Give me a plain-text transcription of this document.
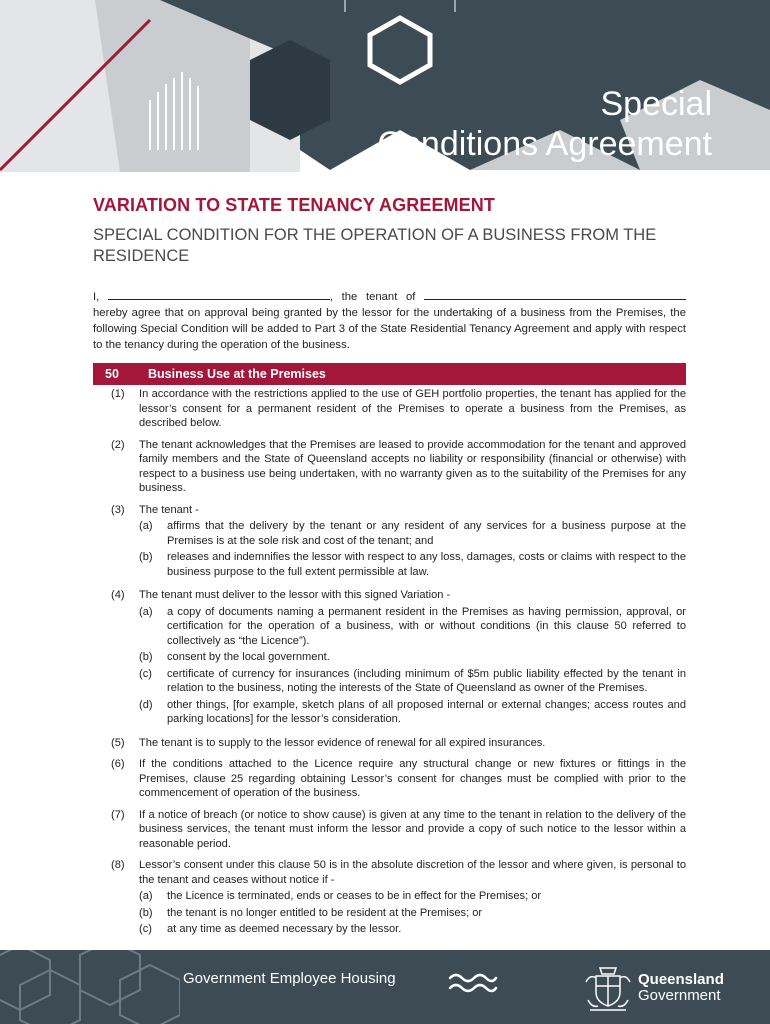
Special
Conditions Agreement
VARIATION TO STATE TENANCY AGREEMENT
SPECIAL CONDITION FOR THE OPERATION OF A BUSINESS FROM THE RESIDENCE
I,	, the tenant of  hereby agree that on approval being granted by the lessor for the undertaking of a business from the Premises, the following Special Condition will be added to Part 3 of the State Residential Tenancy Agreement and apply with respect to the tenancy during the operation of the business.
50	Business Use at the Premises
(1)	In accordance with the restrictions applied to the use of GEH portfolio properties, the tenant has applied for the lessor’s consent for a permanent resident of the Premises to operate a business from the Premises, as described below.
(2)	The tenant acknowledges that the Premises are leased to provide accommodation for the tenant and approved family members and the State of Queensland accepts no liability or responsibility (financial or otherwise) with respect to a business use being undertaken, with no warranty given as to the suitability of the Premises for any business.
(3)	The tenant -
(a)	affirms that the delivery by the tenant or any resident of any services for a business purpose at the Premises is at the sole risk and cost of the tenant; and
(b)	releases and indemnifies the lessor with respect to any loss, damages, costs or claims with respect to the business purpose to the full extent permissible at law.
(4)	The tenant must deliver to the lessor with this signed Variation -
(a)	a copy of documents naming a permanent resident in the Premises as having permission, approval, or certification for the operation of a business, with or without conditions (in this clause 50 referred to collectively as “the Licence”).
(b)	consent by the local government.
(c)	certificate of currency for insurances (including minimum of $5m public liability effected by the tenant in relation to the business, noting the interests of the State of Queensland as owner of the Premises.
(d)	other things, [for example, sketch plans of all proposed internal or external changes; access routes and parking locations] for the lessor’s consideration.
(5)	The tenant is to supply to the lessor evidence of renewal for all expired insurances.
(6)	If the conditions attached to the Licence require any structural change or new fixtures or fittings in the Premises, clause 25 regarding obtaining Lessor’s consent for changes must be complied with prior to the commencement of operation of the business.
(7)	If a notice of breach (or notice to show cause) is given at any time to the tenant in relation to the delivery of the business services, the tenant must inform the lessor and provide a copy of such notice to the lessor within a reasonable period.
(8)	Lessor’s consent under this clause 50 is in the absolute discretion of the lessor and where given, is personal to the tenant and ceases without notice if -
(a)	the Licence is terminated, ends or ceases to be in effect for the Premises; or
(b)	the tenant is no longer entitled to be resident at the Premises; or
(c)	at any time as deemed necessary by the lessor.
Government Employee Housing	Queensland
Government
